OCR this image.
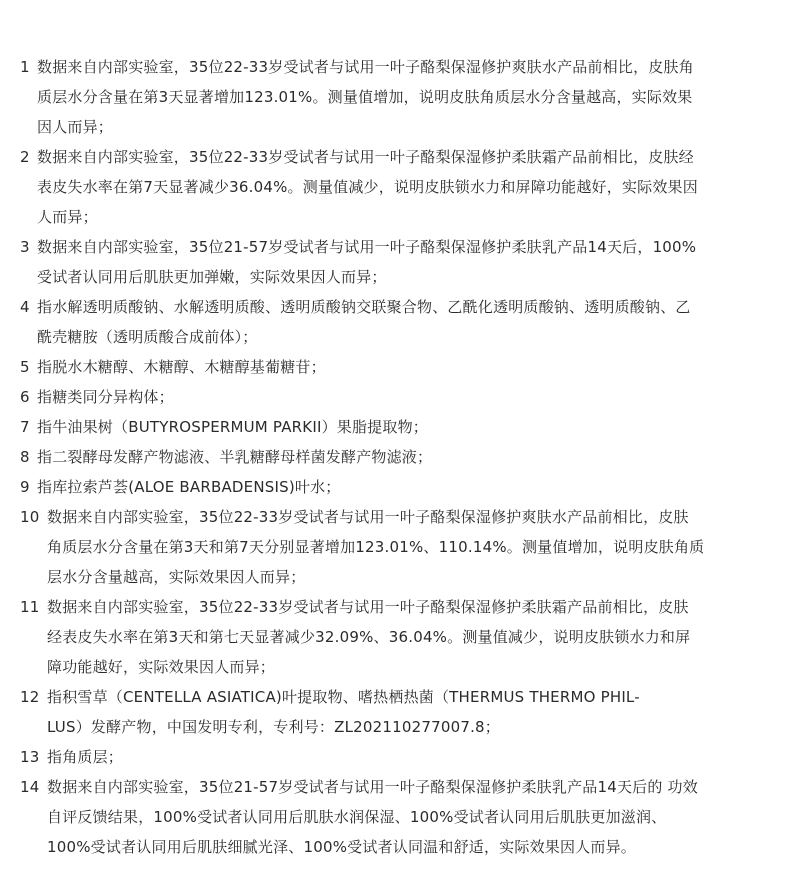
1 数据来自内部实验室，35位22-33岁受试者与试用一叶子酪梨保湿修护爽肤水产品前相比，皮肤角
质层水分含量在第3天显著增加123.01%。测量值增加，说明皮肤角质层水分含量越高，实际效果
因人而异；
2 数据来自内部实验室，35位22-33岁受试者与试用一叶子酪梨保湿修护柔肤霜产品前相比，皮肤经
表皮失水率在第7天显著减少36.04%。测量值减少，说明皮肤锁水力和屏障功能越好，实际效果因
人而异；
3 数据来自内部实验室，35位21-57岁受试者与试用一叶子酪梨保湿修护柔肤乳产品14天后，100%
受试者认同用后肌肤更加弹嫩，实际效果因人而异；
4 指水解透明质酸钠、水解透明质酸、透明质酸钠交联聚合物、乙酰化透明质酸钠、透明质酸钠、乙
酰壳糖胺（透明质酸合成前体）；
5 指脱水木糖醇、木糖醇、木糖醇基葡糖苷；
6 指糖类同分异构体；
7 指牛油果树（BUTYROSPERMUM PARKII）果脂提取物；
8 指二裂酵母发酵产物滤液、半乳糖酵母样菌发酵产物滤液；
9 指库拉索芦荟(ALOE BARBADENSIS)叶水；
10 数据来自内部实验室，35位22-33岁受试者与试用一叶子酪梨保湿修护爽肤水产品前相比，皮肤
角质层水分含量在第3天和第7天分别显著增加123.01%、110.14%。测量值增加，说明皮肤角质
层水分含量越高，实际效果因人而异；
11 数据来自内部实验室，35位22-33岁受试者与试用一叶子酪梨保湿修护柔肤霜产品前相比，皮肤
经表皮失水率在第3天和第七天显著减少32.09%、36.04%。测量值减少，说明皮肤锁水力和屏
障功能越好，实际效果因人而异；
12 指积雪草（CENTELLA ASIATICA)叶提取物、嗜热栖热菌（THERMUS THERMO PHIL-
LUS）发酵产物，中国发明专利，专利号：ZL202110277007.8；
13 指角质层；
14 数据来自内部实验室，35位21-57岁受试者与试用一叶子酪梨保湿修护柔肤乳产品14天后的 功效
自评反馈结果，100%受试者认同用后肌肤水润保湿、100%受试者认同用后肌肤更加滋润、
100%受试者认同用后肌肤细腻光泽、100%受试者认同温和舒适，实际效果因人而异。
